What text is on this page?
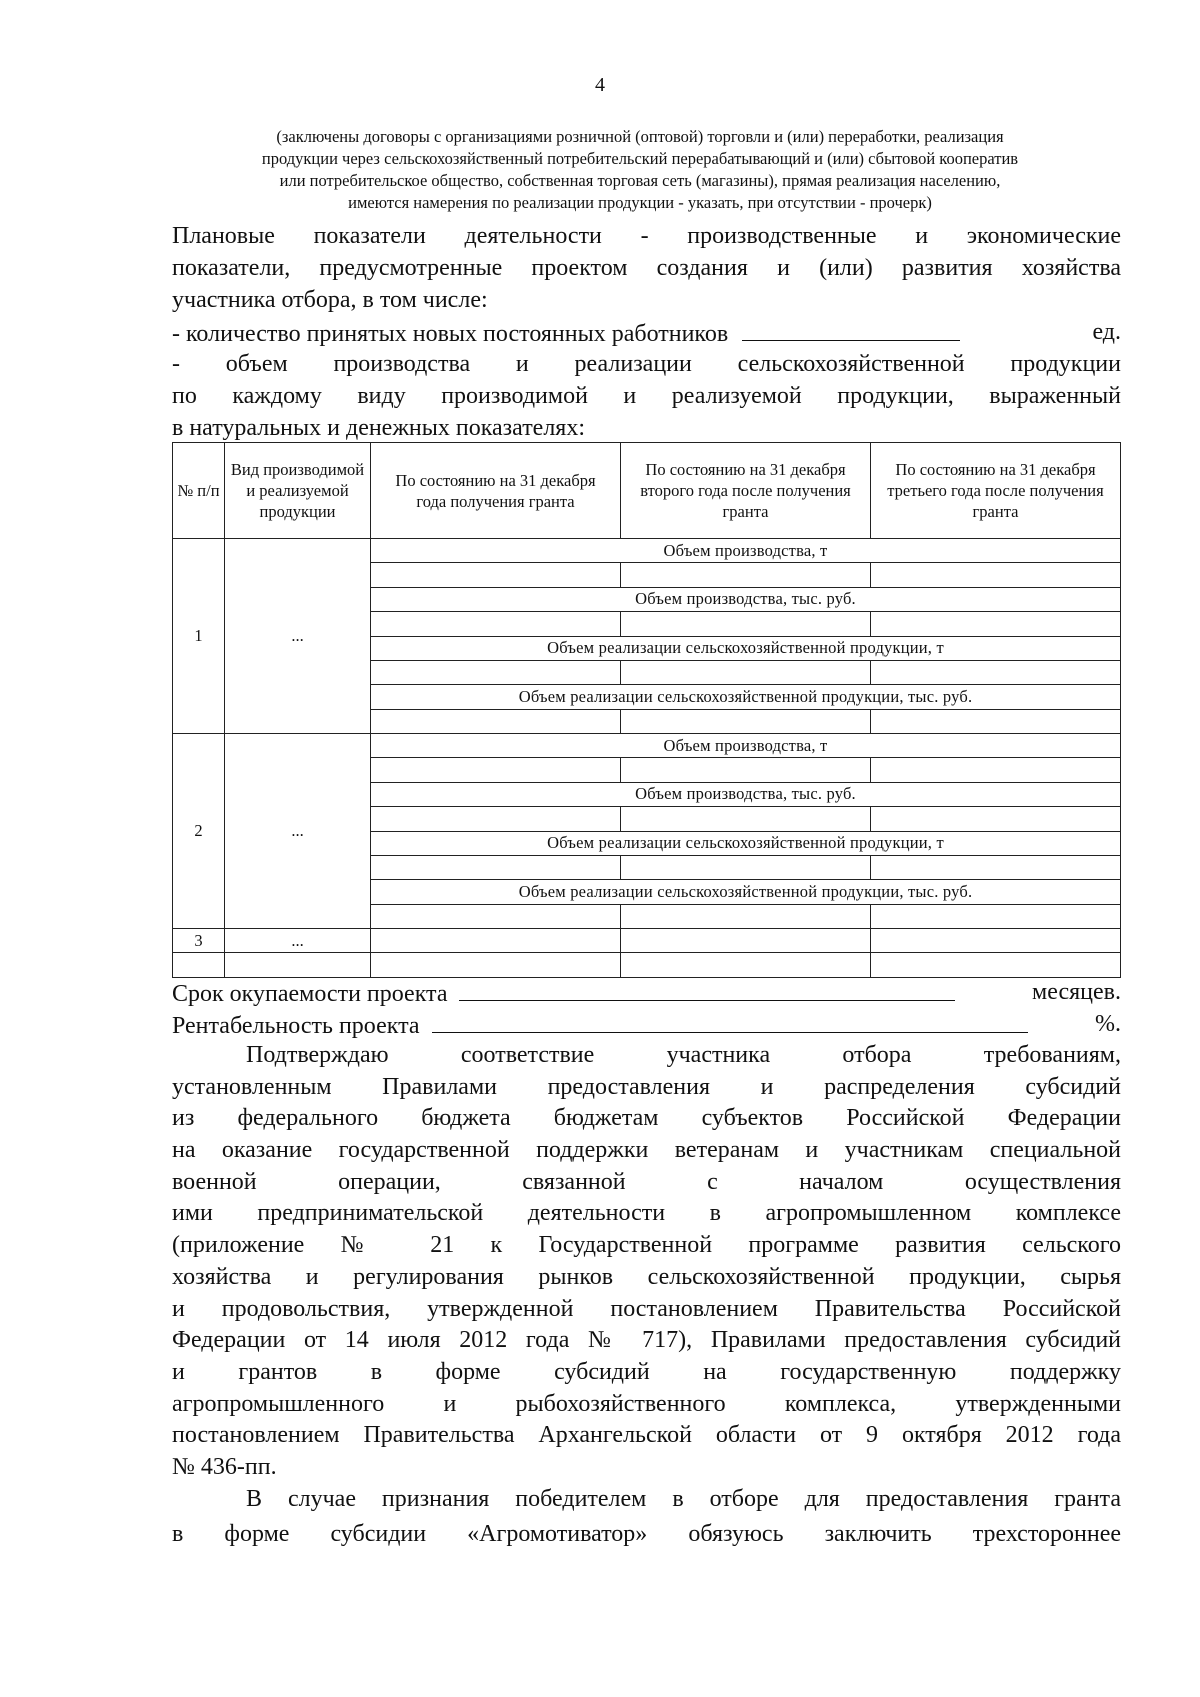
4
(заключены договоры с организациями розничной (оптовой) торговли и (или) переработки, реализация
продукции через сельскохозяйственный потребительский перерабатывающий и (или) сбытовой кооператив
или потребительское общество, собственная торговая сеть (магазины), прямая реализация населению,
имеются намерения по реализации продукции - указать, при отсутствии - прочерк)
Плановые показатели деятельности - производственные и экономические
показатели, предусмотренные проектом создания и (или) развития хозяйства
участника отбора, в том числе:
- количество принятых новых постоянных работников	ед.
- объем производства и реализации сельскохозяйственной продукции
по каждому виду производимой и реализуемой продукции, выраженный
в натуральных и денежных показателях:
№ п/п	Вид производимой и реализуемой продукции	По состоянию на 31 декабря года получения гранта	По состоянию на 31 декабря второго года после получения гранта	По состоянию на 31 декабря третьего года после получения гранта
1	...	Объем производства, т		

		Объем производства, тыс. руб.		

		Объем реализации сельскохозяйственной продукции, т		

		Объем реализации сельскохозяйственной продукции, тыс. руб.		

2	...	Объем производства, т		

		Объем производства, тыс. руб.		

		Объем реализации сельскохозяйственной продукции, т		

		Объем реализации сельскохозяйственной продукции, тыс. руб.		

3	...			

Срок окупаемости проекта	месяцев.
Рентабельность проекта	%.
Подтверждаю соответствие участника отбора требованиям,
установленным Правилами предоставления и распределения субсидий
из федерального бюджета бюджетам субъектов Российской Федерации
на оказание государственной поддержки ветеранам и участникам специальной
военной операции, связанной с началом осуществления
ими предпринимательской деятельности в агропромышленном комплексе
(приложение № 21 к Государственной программе развития сельского
хозяйства и регулирования рынков сельскохозяйственной продукции, сырья
и продовольствия, утвержденной постановлением Правительства Российской
Федерации от 14 июля 2012 года № 717), Правилами предоставления субсидий
и грантов в форме субсидий на государственную поддержку
агропромышленного и рыбохозяйственного комплекса, утвержденными
постановлением Правительства Архангельской области от 9 октября 2012 года
№ 436-пп.
В случае признания победителем в отборе для предоставления гранта
в форме субсидии «Агромотиватор» обязуюсь заключить трехстороннее
